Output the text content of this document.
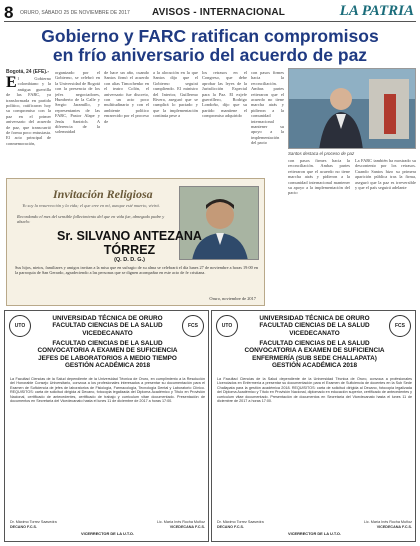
8 ORURO, SÁBADO 25 DE NOVIEMBRE DE 2017 AVISOS - INTERNACIONAL	LA PATRIA
Gobierno y FARC ratifican compromisos
en frío aniversario del acuerdo de paz
Bogotá, 24 (EFE).-
El Gobierno colombiano y la antigua guerrilla de las FARC, ya transformada en partido político, ratificaron hoy su compromiso con la paz en el primer aniversario del acuerdo de paz, que transcurrió de forma poco entusiasta. El acto principal de conmemoración,
organizado por el Gobierno, se celebró en la Universidad de Bogotá con la presencia de los jefes negociadores, Humberto de la Calle y Sergio Jaramillo, y representantes de las FARC, Pastor Alape y Jesús Santrich. A diferencia de la solemnidad
de hace un año, cuando Santos firmó el acuerdo con alias Timochenko en el teatro Colón, el aniversario fue discreto, con un acto poco multitudinario y con el ambiente político enrarecido por el proceso de
a la alocución en la que Santos dijo que el Gobierno seguirá cumpliendo. El ministro del Interior, Guillermo Rivera, aseguró que se cumplirá lo pactado y que la implementación continúa pese a
los retrasos en el Congreso, que debe aprobar las leyes de la Jurisdicción Especial para la Paz. El exjefe guerrillero, Rodrigo Londoño, dijo que su partido mantiene el compromiso adquirido
con pasos firmes hacia la reconciliación. Ambas partes reiteraron que el acuerdo no tiene marcha atrás y pidieron a la comunidad internacional mantener su apoyo a la implementación del pacto
Santos destaca el proceso de paz
con pasos firmes hacia la reconciliación. Ambas partes reiteraron que el acuerdo no tiene marcha atrás y pidieron a la comunidad internacional mantener su apoyo a la implementación del pacto
La FARC también ha mostrado su descontento por los retrasos. Cuando Santos hizo su primera aparición pública tras la firma, aseguró que la paz es irreversible y que el país seguirá adelante
Invitación Religiosa
Yo soy la resurrección y la vida; el que cree en mí, aunque esté muerto, vivirá.
Recordando el mes del sensible fallecimiento del que en vida fue, abnegado padre y abuelo:
Sr. SILVANO ANTEZANA
TÓRREZ
(Q. D. D. G.)
Sus hijos, nietos, familiares y amigos invitan a la misa que en sufragio de su alma se celebrará el día lunes 27 de noviembre a horas 19:00 en la parroquia de San Gerardo, agradeciendo a las personas que se dignen acompañar en este acto de fe cristiana.
Oruro, noviembre de 2017
UTO	FCS
UNIVERSIDAD TÉCNICA DE ORURO
FACULTAD CIENCIAS DE LA SALUD
VICEDECANATO
FACULTAD CIENCIAS DE LA SALUD
CONVOCATORIA A EXAMEN DE SUFICIENCIA
JEFES DE LABORATORIOS A MEDIO TIEMPO
GESTIÓN ACADÉMICA 2018
La Facultad Ciencias de la Salud dependiente de la Universidad Técnica de Oruro, en cumplimiento a la Resolución del Honorable Consejo Universitario, convoca a los profesionales interesados a presentar su documentación para el Examen de Suficiencia de jefes de laboratorios de Fisiología, Farmacología, Tecnología Dental y Laboratorio Clínico. REQUISITOS: carta de solicitud dirigida al Decano, fotocopia legalizada del Diploma Académico y Título en Provisión Nacional, certificado de antecedentes, certificado de trabajo y curriculum vitae documentado. Presentación de documentos en Secretaría del Vicedecanato hasta el lunes 11 de diciembre de 2017 a horas 17:00.
Dr. Máximo Torrez Saavedra
DECANO F.C.S.
Lic. María Inés Rocha Muñoz
VICEDECANA F.C.S.
VICERRECTOR DE LA U.T.O.
UTO	FCS
UNIVERSIDAD TÉCNICA DE ORURO
FACULTAD CIENCIAS DE LA SALUD
VICEDECANATO
FACULTAD CIENCIAS DE LA SALUD
CONVOCATORIA A EXAMEN DE SUFICIENCIA
ENFERMERÍA (SUB SEDE CHALLAPATA)
GESTIÓN ACADÉMICA 2018
La Facultad Ciencias de la Salud dependiente de la Universidad Técnica de Oruro, convoca a profesionales Licenciados en Enfermería a presentar su documentación para el Examen de Suficiencia de docentes en la Sub Sede Challapata para la gestión académica 2018. REQUISITOS: carta de solicitud dirigida al Decano, fotocopia legalizada del Diploma Académico y Título en Provisión Nacional, diplomado en educación superior, certificado de antecedentes y curriculum vitae documentado. Presentación de documentos en Secretaría del Vicedecanato hasta el lunes 11 de diciembre de 2017 a horas 17:00.
Dr. Máximo Torrez Saavedra
DECANO F.C.S.
Lic. María Inés Rocha Muñoz
VICEDECANA F.C.S.
VICERRECTOR DE LA U.T.O.
